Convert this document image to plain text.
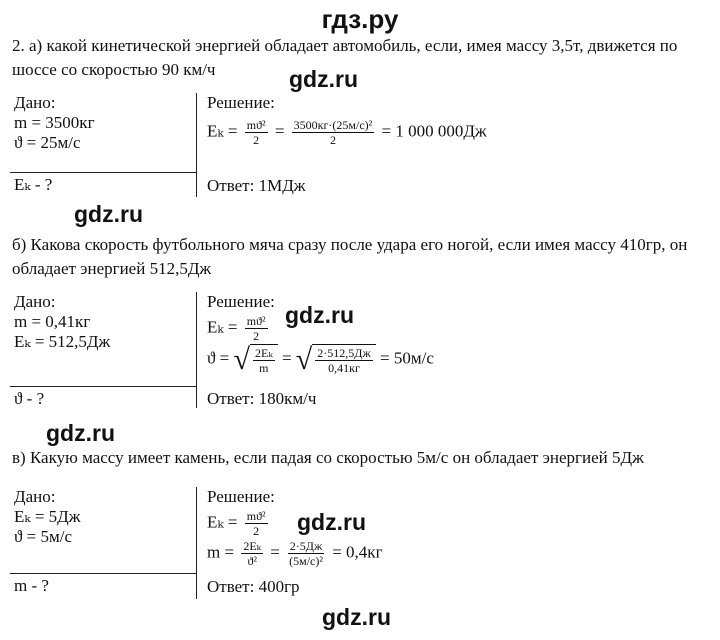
гдз.ру
gdz.ru
gdz.ru
gdz.ru
gdz.ru
gdz.ru
gdz.ru
2. а) какой кинетической энергией обладает автомобиль, если, имея массу 3,5т, движется по шоссе со скоростью 90 км/ч
Дано:
m = 3500кг
ϑ = 25м/с
Eₖ - ?
Решение:
$E_k = \frac{\text{mϑ²}}{2} = \frac{\text{3500кг·(25м/с)²}}{2} = 1$ 000 000Дж
Ответ: 1МДж
б) Какова скорость футбольного мяча сразу после удара его ногой, если имея массу 410гр, он обладает энергией 512,5Дж
Дано:
m = 0,41кг
Eₖ = 512,5Дж
ϑ - ?
Решение:
$E_k = \frac{\text{mϑ²}}{2}$
ϑ = √ $\frac{\text{2Eₖ}}{m}$ = √ $\frac{2\cdot 512,5Дж}{0,41кг} = 50м/с$
Ответ: 180км/ч
в) Какую массу имеет камень, если падая со скоростью 5м/с он обладает энергией 5Дж
Дано:
Eₖ = 5Дж
ϑ = 5м/с
m - ?
Решение:
$E_k = \frac{\text{mϑ²}}{2}$
$m = \frac{\text{2Eₖ}}{\text{ϑ²}} = \frac{2\cdot 5Дж}{\text{(5м/с)²}} = 0,4кг$
Ответ: 400гр
